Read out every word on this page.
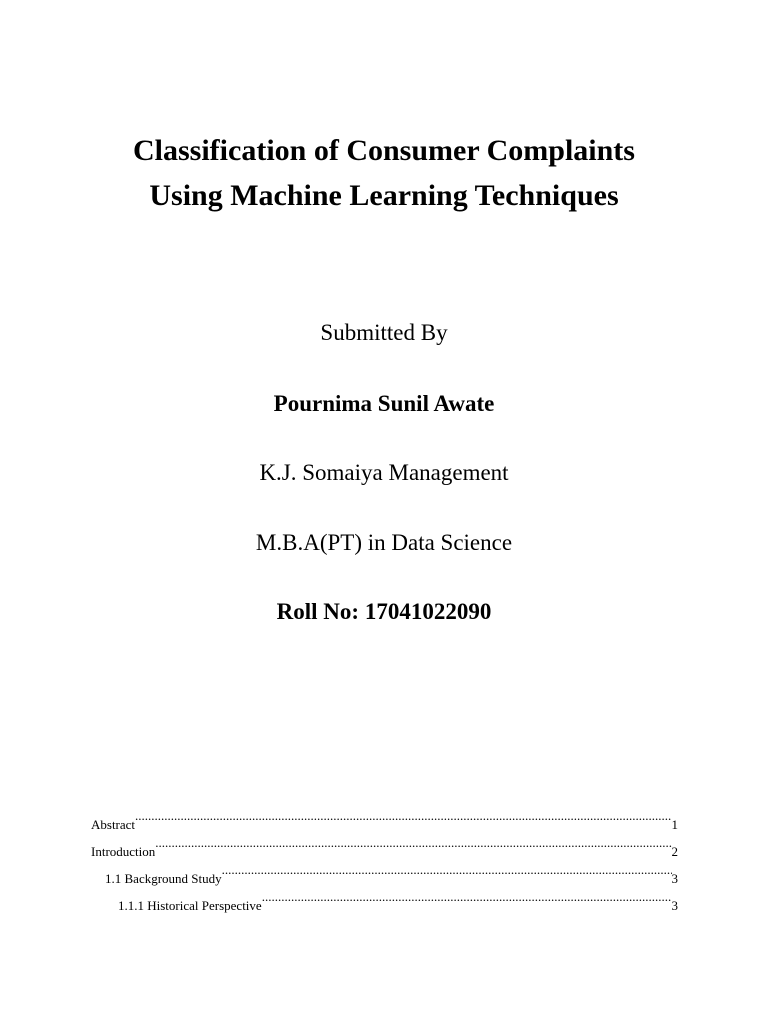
Classification of Consumer Complaints
Using Machine Learning Techniques

Submitted By

Pournima Sunil Awate

K.J. Somaiya Management

M.B.A(PT) in Data Science

Roll No: 17041022090

Abstract .....	1
Introduction .....	2
1.1 Background Study .....	3
1.1.1 Historical Perspective .....	3
